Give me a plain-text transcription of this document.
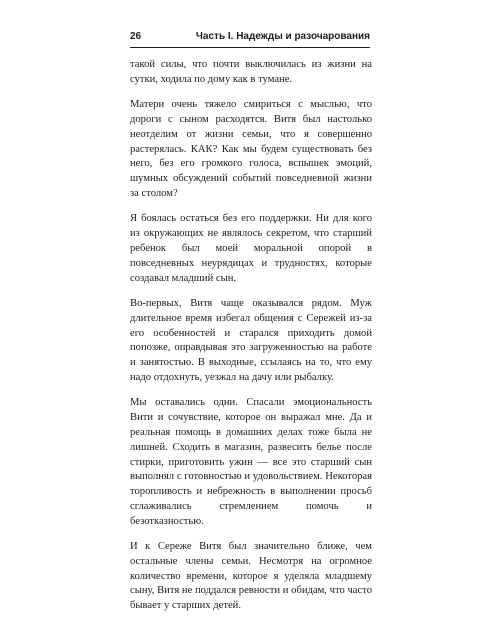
26	Часть I. Надежды и разочарования

такой силы, что почти выключилась из жизни на сутки, ходила по дому как в тумане.

Матери очень тяжело смириться с мыслью, что дороги с сыном расходятся. Витя был настолько неотделим от жизни семьи, что я совершенно растерялась. КАК? Как мы будем существовать без него, без его громкого голоса, вспышек эмоций, шумных обсуждений событий повседневной жизни за столом?

Я боялась остаться без его поддержки. Ни для кого из окружающих не являлось секретом, что старший ребенок был моей моральной опорой в повседневных неурядицах и трудностях, которые создавал младший сын.

Во-первых, Витя чаще оказывался рядом. Муж длительное время избегал общения с Сережей из-за его особенностей и старался приходить домой попозже, оправдывая это загруженностью на работе и занятостью. В выходные, ссылаясь на то, что ему надо отдохнуть, уезжал на дачу или рыбалку.

Мы оставались одни. Спасали эмоциональность Вити и сочувствие, которое он выражал мне. Да и реальная помощь в домашних делах тоже была не лишней. Сходить в магазин, развесить белье после стирки, приготовить ужин — все это старший сын выполнял с готовностью и удовольствием. Некоторая торопливость и небрежность в выполнении просьб сглаживались стремлением помочь и безотказностью.

И к Сереже Витя был значительно ближе, чем остальные члены семьи. Несмотря на огромное количество времени, которое я уделяла младшему сыну, Витя не поддался ревности и обидам, что часто бывает у старших детей.
